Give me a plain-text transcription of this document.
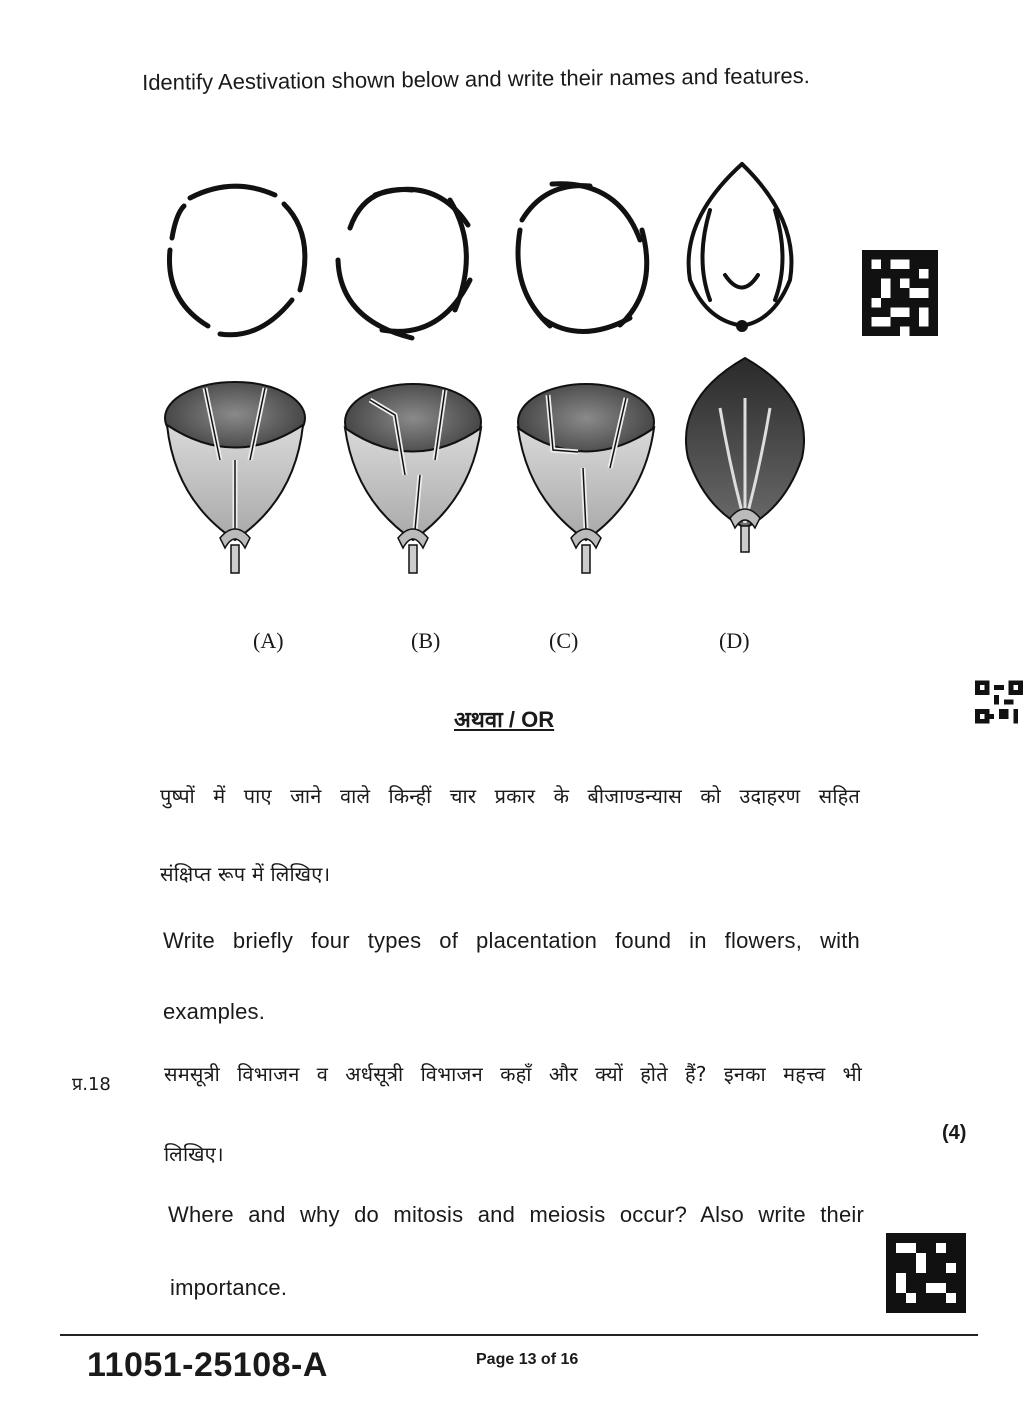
Identify Aestivation shown below and write their names and features.
(A)	(B)	(C)	(D)
अथवा / OR
पुष्पों में पाए जाने वाले किन्हीं चार प्रकार के बीजाण्डन्यास को उदाहरण सहित
संक्षिप्त रूप में लिखिए।
Write briefly four types of placentation found in flowers, with
examples.
प्र.18	समसूत्री विभाजन व अर्धसूत्री विभाजन कहाँ और क्यों होते हैं? इनका महत्त्व भी
लिखिए।
(4)
Where and why do mitosis and meiosis occur? Also write their
importance.
11051-25108-A	Page 13 of 16
